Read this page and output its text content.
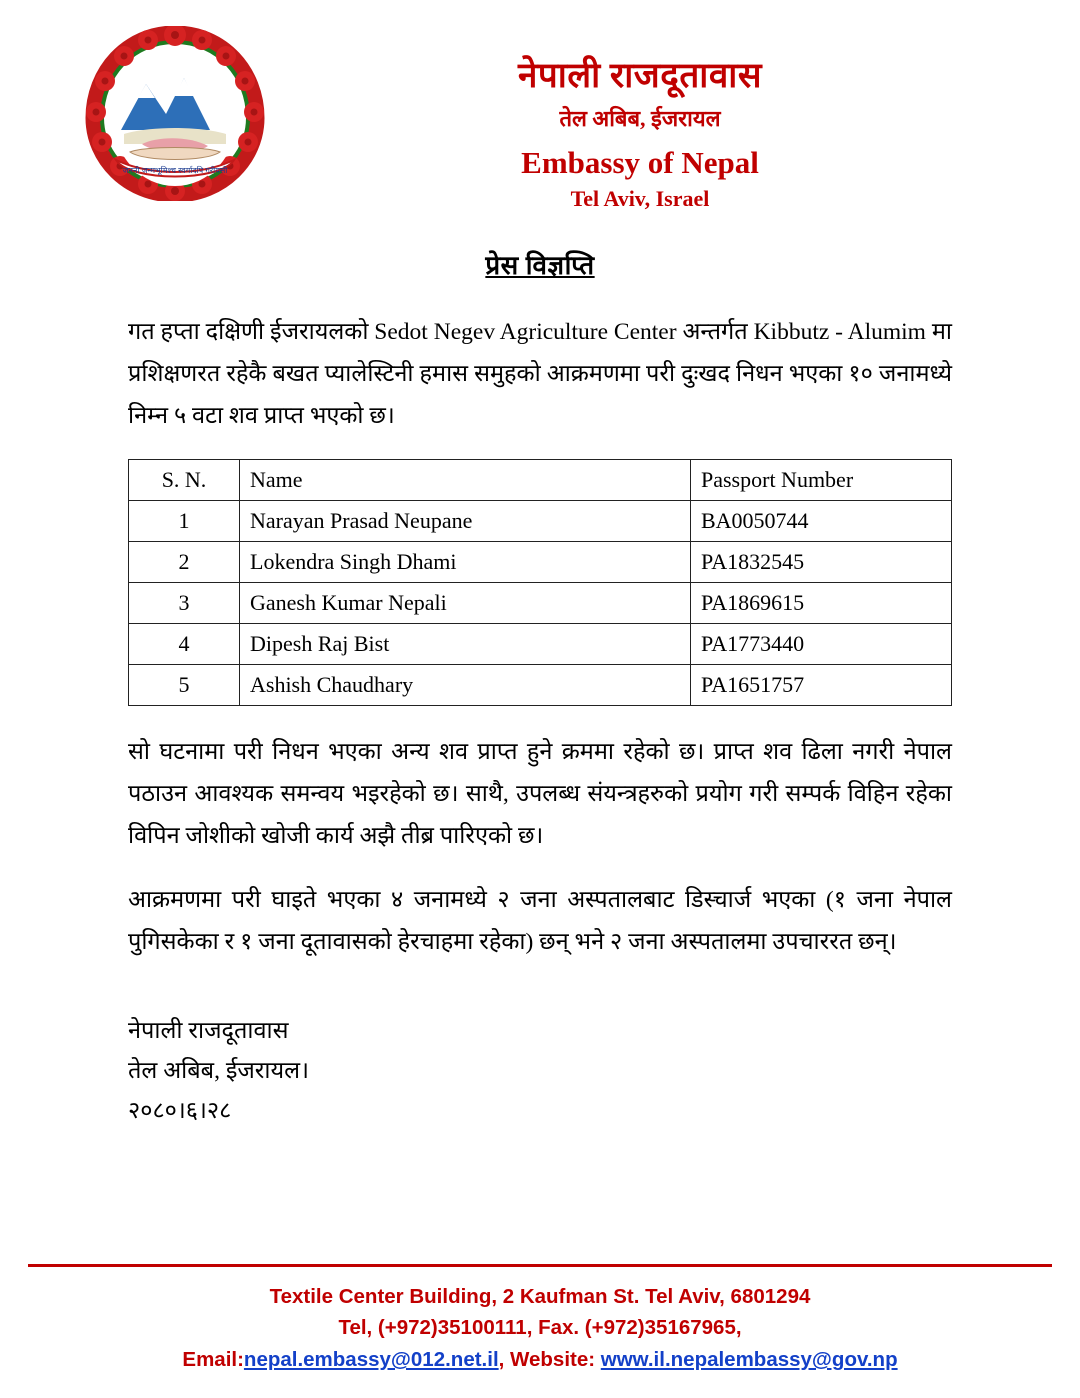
जननी जन्मभूमिश्च स्वर्गादपि गरीयसी
नेपाली राजदूतावास
तेल अबिब, ईजरायल
Embassy of Nepal
Tel Aviv, Israel
प्रेस विज्ञप्ति

गत हप्ता दक्षिणी ईजरायलको Sedot Negev Agriculture Center अन्तर्गत Kibbutz - Alumim मा प्रशिक्षणरत रहेकै बखत प्यालेस्टिनी हमास समुहको आक्रमणमा परी दुःखद निधन भएका १० जनामध्ये निम्न ५ वटा शव प्राप्त भएको छ।

S. N.	Name	Passport Number
1	Narayan Prasad Neupane	BA0050744
2	Lokendra Singh Dhami	PA1832545
3	Ganesh Kumar Nepali	PA1869615
4	Dipesh Raj Bist	PA1773440
5	Ashish Chaudhary	PA1651757

सो घटनामा परी निधन भएका अन्य शव प्राप्त हुने क्रममा रहेको छ। प्राप्त शव ढिला नगरी नेपाल पठाउन आवश्यक समन्वय भइरहेको छ। साथै, उपलब्ध संयन्त्रहरुको प्रयोग गरी सम्पर्क विहिन रहेका विपिन जोशीको खोजी कार्य अझै तीब्र पारिएको छ।

आक्रमणमा परी घाइते भएका ४ जनामध्ये २ जना अस्पतालबाट डिस्चार्ज भएका (१ जना नेपाल पुगिसकेका र १ जना दूतावासको हेरचाहमा रहेका) छन् भने २ जना अस्पतालमा उपचाररत छन्।

नेपाली राजदूतावास
तेल अबिब, ईजरायल।
२०८०।६।२८
Textile Center Building, 2 Kaufman St. Tel Aviv, 6801294
Tel, (+972)35100111, Fax. (+972)35167965,
Email:nepal.embassy@012.net.il, Website: www.il.nepalembassy@gov.np
